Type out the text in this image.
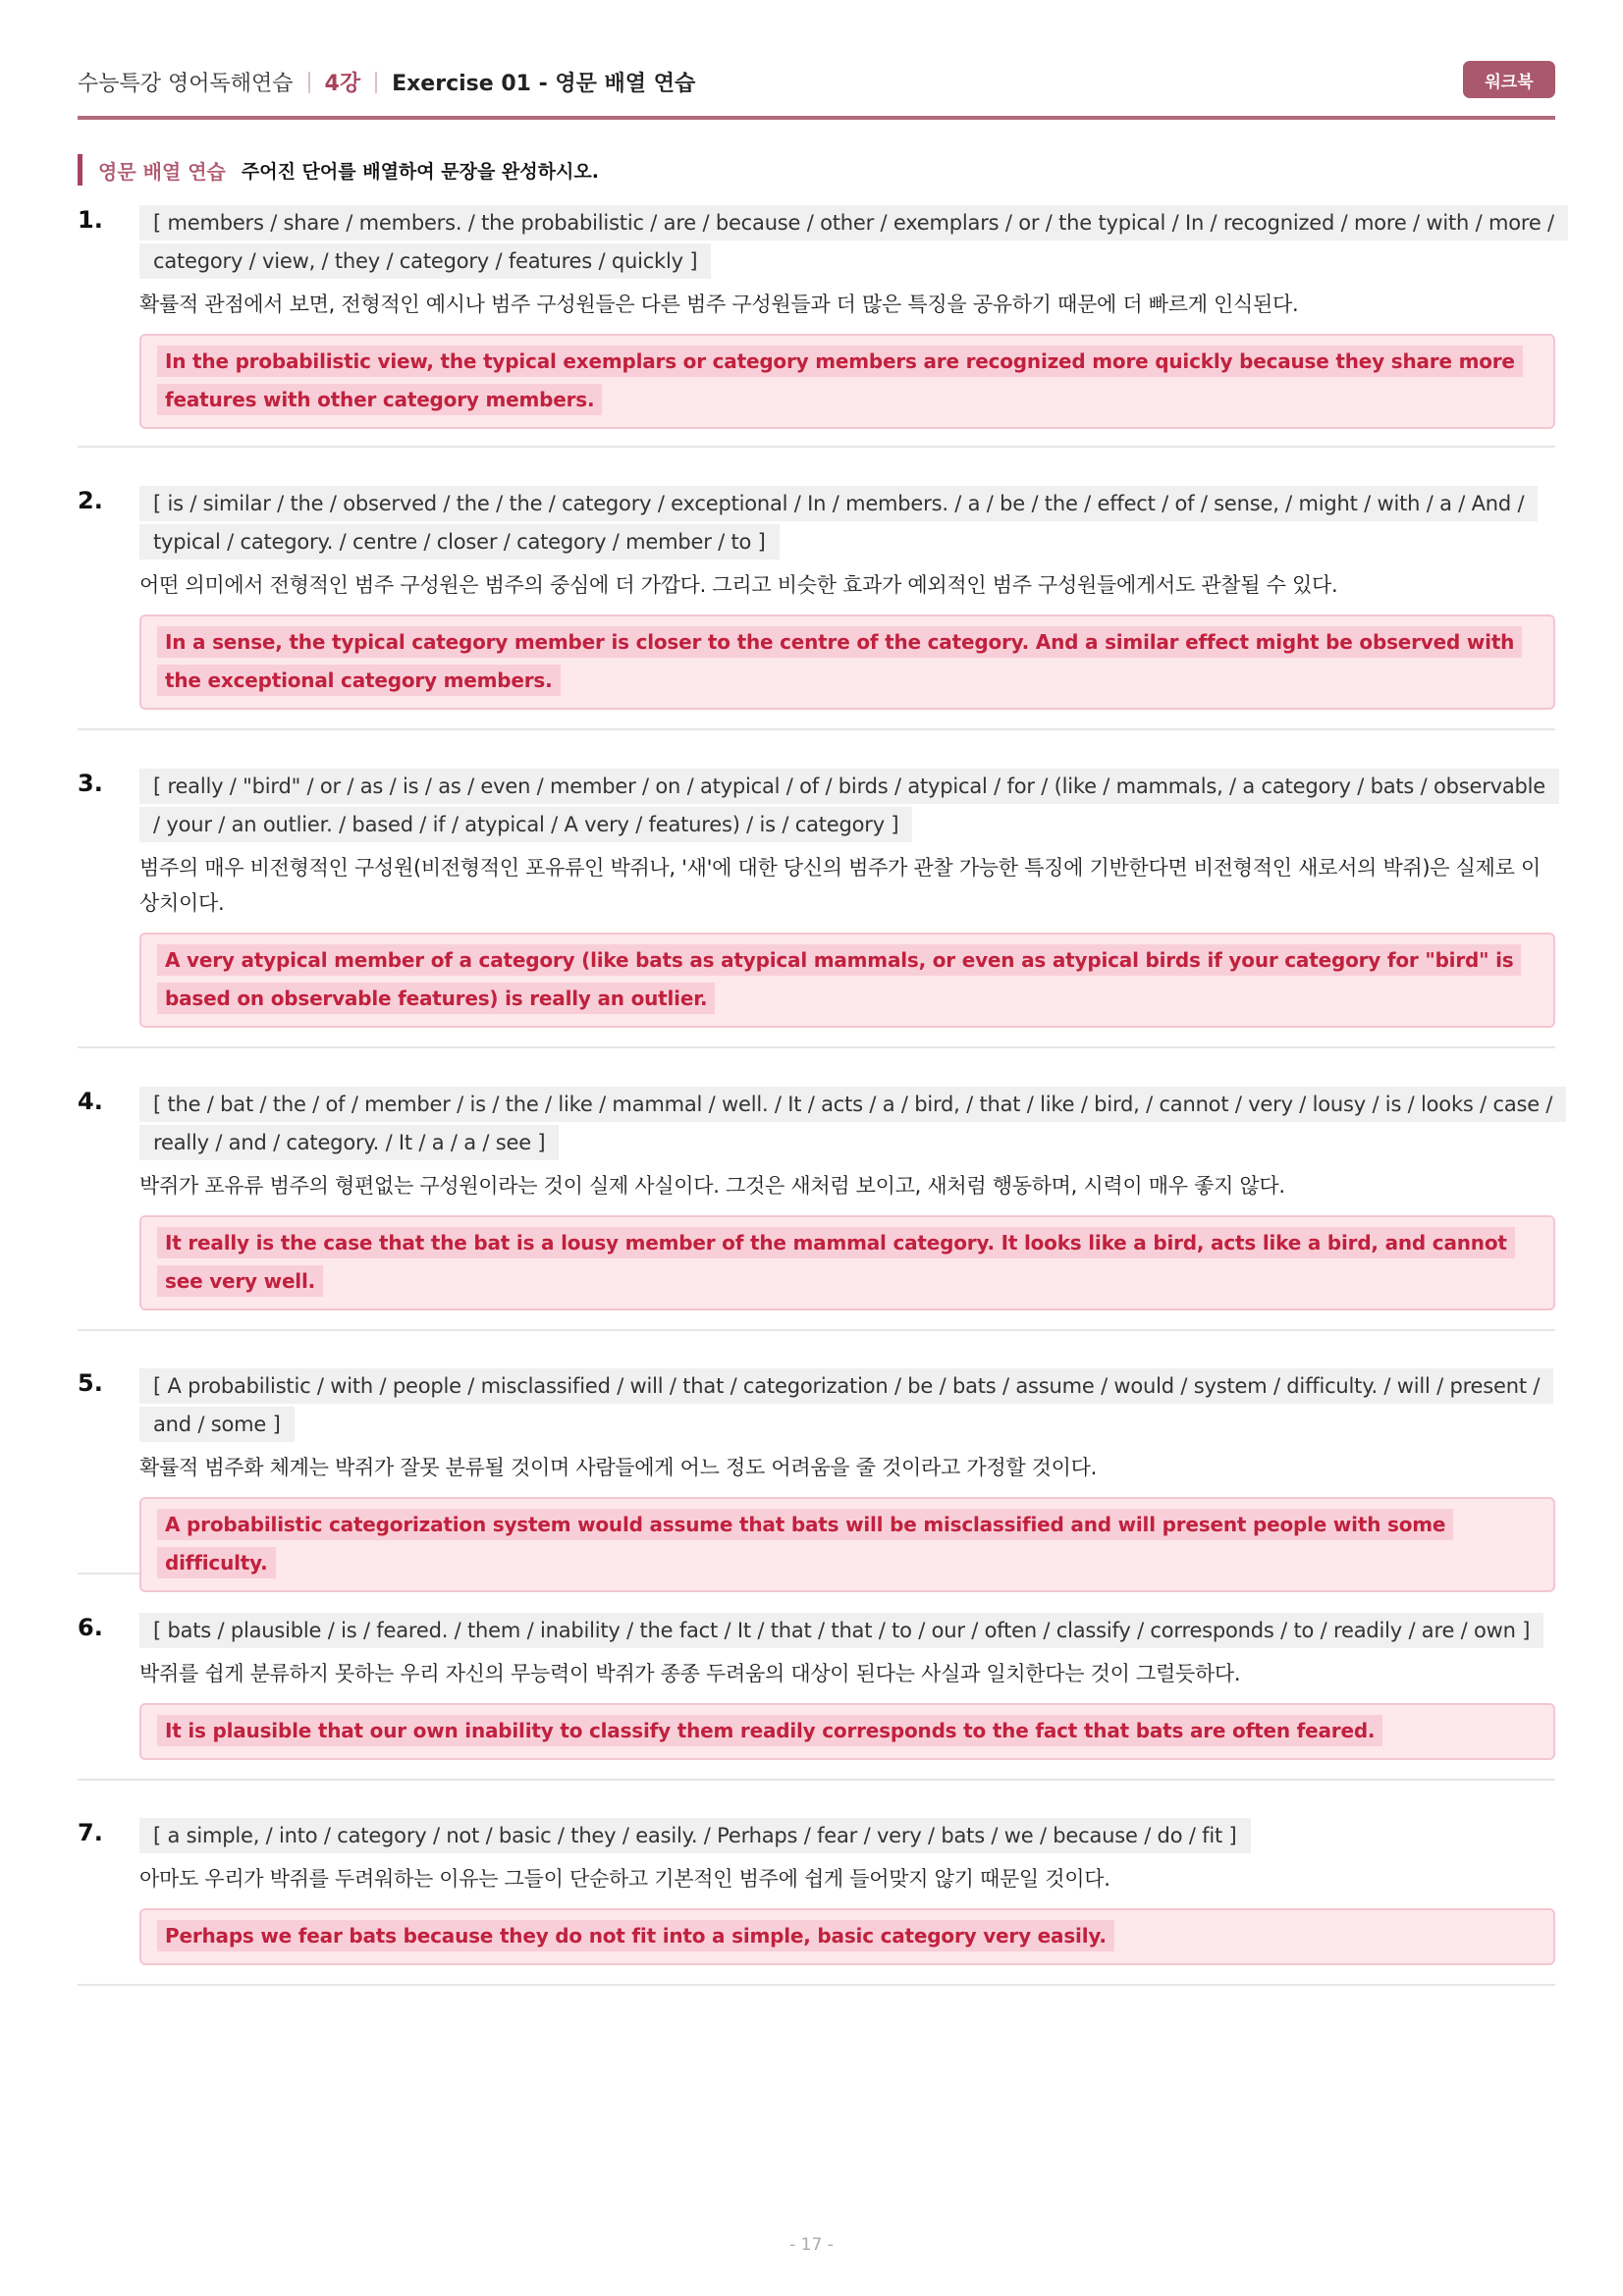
수능특강 영어독해연습 4강 Exercise 01 - 영문 배열 연습	워크북
영문 배열 연습 주어진 단어를 배열하여 문장을 완성하시오.
1.	[ members / share / members. / the probabilistic / are / because / other / exemplars / or / the typical / In / recognized / more / with / more / category / view, / they / category / features / quickly ]
확률적 관점에서 보면, 전형적인 예시나 범주 구성원들은 다른 범주 구성원들과 더 많은 특징을 공유하기 때문에 더 빠르게 인식된다.
In the probabilistic view, the typical exemplars or category members are recognized more quickly because they share more features with other category members.
2.	[ is / similar / the / observed / the / the / category / exceptional / In / members. / a / be / the / effect / of / sense, / might / with / a / And / typical / category. / centre / closer / category / member / to ]
어떤 의미에서 전형적인 범주 구성원은 범주의 중심에 더 가깝다. 그리고 비슷한 효과가 예외적인 범주 구성원들에게서도 관찰될 수 있다.
In a sense, the typical category member is closer to the centre of the category. And a similar effect might be observed with the exceptional category members.
3.	[ really / "bird" / or / as / is / as / even / member / on / atypical / of / birds / atypical / for / (like / mammals, / a category / bats / observable / your / an outlier. / based / if / atypical / A very / features) / is / category ]
범주의 매우 비전형적인 구성원(비전형적인 포유류인 박쥐나, '새'에 대한 당신의 범주가 관찰 가능한 특징에 기반한다면 비전형적인 새로서의 박쥐)은 실제로 이상치이다.
A very atypical member of a category (like bats as atypical mammals, or even as atypical birds if your category for "bird" is based on observable features) is really an outlier.
4.	[ the / bat / the / of / member / is / the / like / mammal / well. / It / acts / a / bird, / that / like / bird, / cannot / very / lousy / is / looks / case / really / and / category. / It / a / a / see ]
박쥐가 포유류 범주의 형편없는 구성원이라는 것이 실제 사실이다. 그것은 새처럼 보이고, 새처럼 행동하며, 시력이 매우 좋지 않다.
It really is the case that the bat is a lousy member of the mammal category. It looks like a bird, acts like a bird, and cannot see very well.
5.	[ A probabilistic / with / people / misclassified / will / that / categorization / be / bats / assume / would / system / difficulty. / will / present / and / some ]
확률적 범주화 체계는 박쥐가 잘못 분류될 것이며 사람들에게 어느 정도 어려움을 줄 것이라고 가정할 것이다.
A probabilistic categorization system would assume that bats will be misclassified and will present people with some difficulty.
6.	[ bats / plausible / is / feared. / them / inability / the fact / It / that / that / to / our / often / classify / corresponds / to / readily / are / own ]
박쥐를 쉽게 분류하지 못하는 우리 자신의 무능력이 박쥐가 종종 두려움의 대상이 된다는 사실과 일치한다는 것이 그럴듯하다.
It is plausible that our own inability to classify them readily corresponds to the fact that bats are often feared.
7.	[ a simple, / into / category / not / basic / they / easily. / Perhaps / fear / very / bats / we / because / do / fit ]
아마도 우리가 박쥐를 두려워하는 이유는 그들이 단순하고 기본적인 범주에 쉽게 들어맞지 않기 때문일 것이다.
Perhaps we fear bats because they do not fit into a simple, basic category very easily.
- 17 -
